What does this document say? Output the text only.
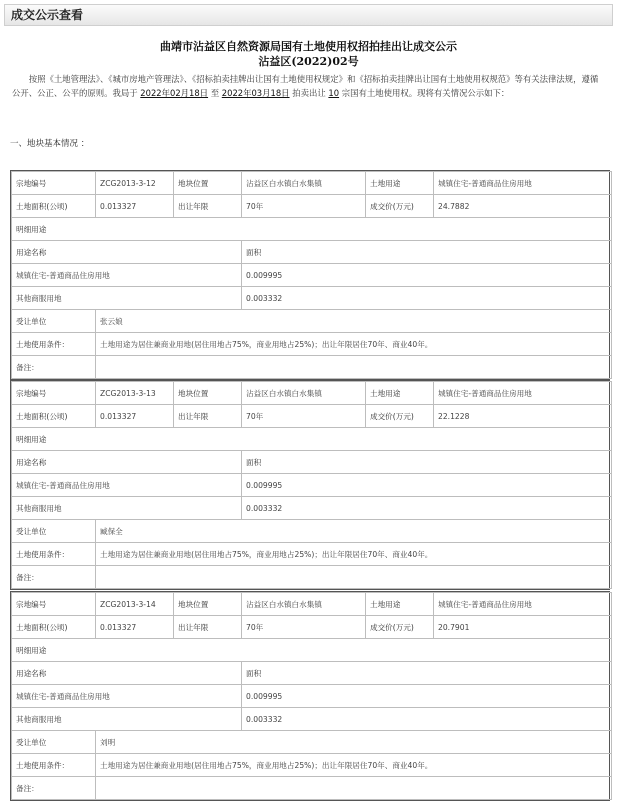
成交公示查看
曲靖市沾益区自然资源局国有土地使用权招拍挂出让成交公示
沾益区(2022)02号

按照《土地管理法》、《城市房地产管理法》、《招标拍卖挂牌出让国有土地使用权规定》和《招标拍卖挂牌出让国有土地使用权规范》等有关法律法规，遵循公开、公正、公平的原则。我局于 2022年02月18日 至 2022年03月18日 拍卖出让 10 宗国有土地使用权。现将有关情况公示如下：

一、地块基本情况 ：
宗地编号	ZCG2013-3-12	地块位置	沾益区白水镇白水集镇	土地用途	城镇住宅-普通商品住房用地
土地面积(公顷)	0.013327	出让年限	70年	成交价(万元)	24.7882
明细用途					
用途名称			面积		
城镇住宅-普通商品住房用地			0.009995		
其他商服用地			0.003332		
受让单位	张云娘				
土地使用条件：	土地用途为居住兼商业用地(居住用地占75%，商业用地占25%)；出让年限居住70年、商业40年。				
备注：					
宗地编号	ZCG2013-3-13	地块位置	沾益区白水镇白水集镇	土地用途	城镇住宅-普通商品住房用地
土地面积(公顷)	0.013327	出让年限	70年	成交价(万元)	22.1228
明细用途					
用途名称			面积		
城镇住宅-普通商品住房用地			0.009995		
其他商服用地			0.003332		
受让单位	臧保全				
土地使用条件：	土地用途为居住兼商业用地(居住用地占75%，商业用地占25%)；出让年限居住70年、商业40年。				
备注：					
宗地编号	ZCG2013-3-14	地块位置	沾益区白水镇白水集镇	土地用途	城镇住宅-普通商品住房用地
土地面积(公顷)	0.013327	出让年限	70年	成交价(万元)	20.7901
明细用途					
用途名称			面积		
城镇住宅-普通商品住房用地			0.009995		
其他商服用地			0.003332		
受让单位	刘明				
土地使用条件：	土地用途为居住兼商业用地(居住用地占75%，商业用地占25%)；出让年限居住70年、商业40年。				
备注：					
